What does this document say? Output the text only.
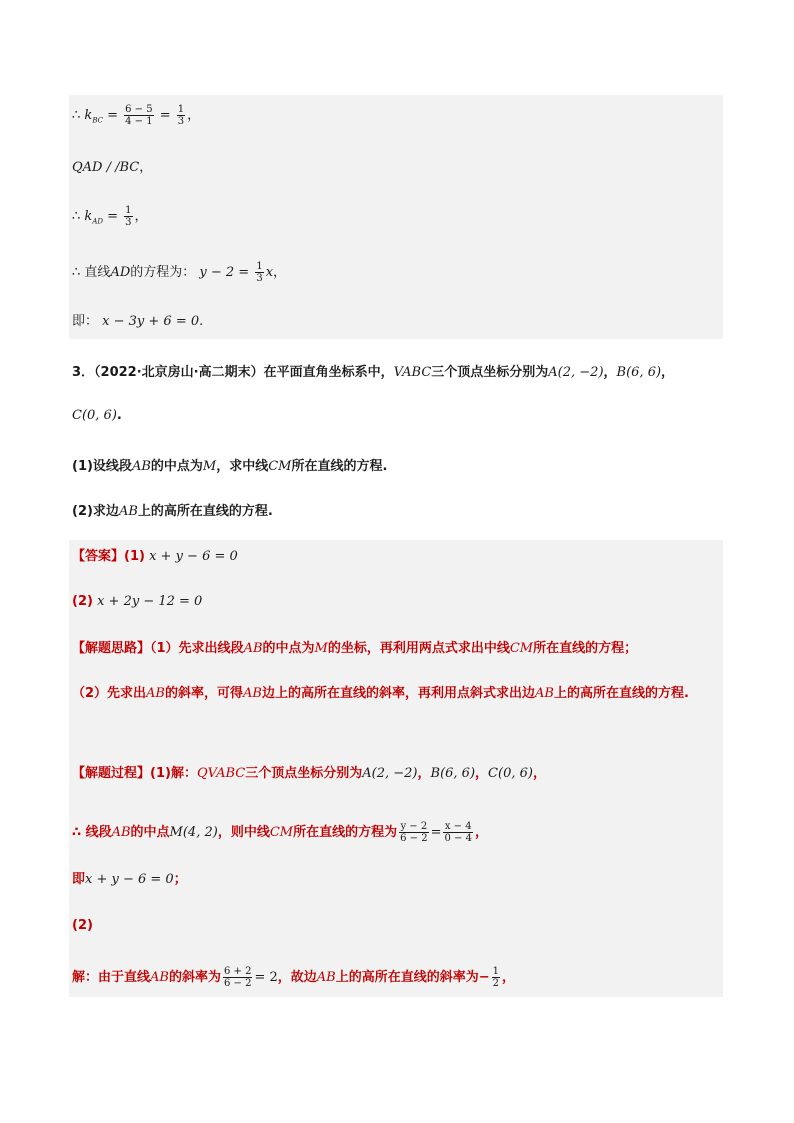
∴ $k_{BC} = \frac{6 - 5}{4 - 1} = \frac{1}{3}$ ，
QAD / /BC，
∴ $k_{AD} = \frac{1}{3}$ ，
∴ 直线AD的方程为： $y - 2 = \frac{1}{3}$ x，
即： x − 3y + 6 = 0.
3．（2022·北京房山·高二期末）在平面直角坐标系中，VABC三个顶点坐标分别为A(2, −2)，B(6, 6)，
C(0, 6).
(1)设线段AB的中点为M，求中线CM所在直线的方程.
(2)求边AB上的高所在直线的方程.
【答案】(1) x + y − 6 = 0
(2) x + 2y − 12 = 0
【解题思路】（1）先求出线段AB的中点为M的坐标，再利用两点式求出中线CM所在直线的方程；
（2）先求出AB的斜率，可得AB边上的高所在直线的斜率，再利用点斜式求出边AB上的高所在直线的方程.
【解题过程】(1)解：QVABC三个顶点坐标分别为A(2, −2)，B(6, 6)，C(0, 6)，
∴ 线段AB的中点M(4, 2)，则中线CM所在直线的方程为 $\frac{y - 2}{6 - 2} = \frac{x - 4}{0 - 4}$ ，
即x + y − 6 = 0；
(2)
解：由于直线AB的斜率为 $\frac{6 + 2}{6 - 2} = 2$，故边AB上的高所在直线的斜率为− $\frac{1}{2}$ ，
